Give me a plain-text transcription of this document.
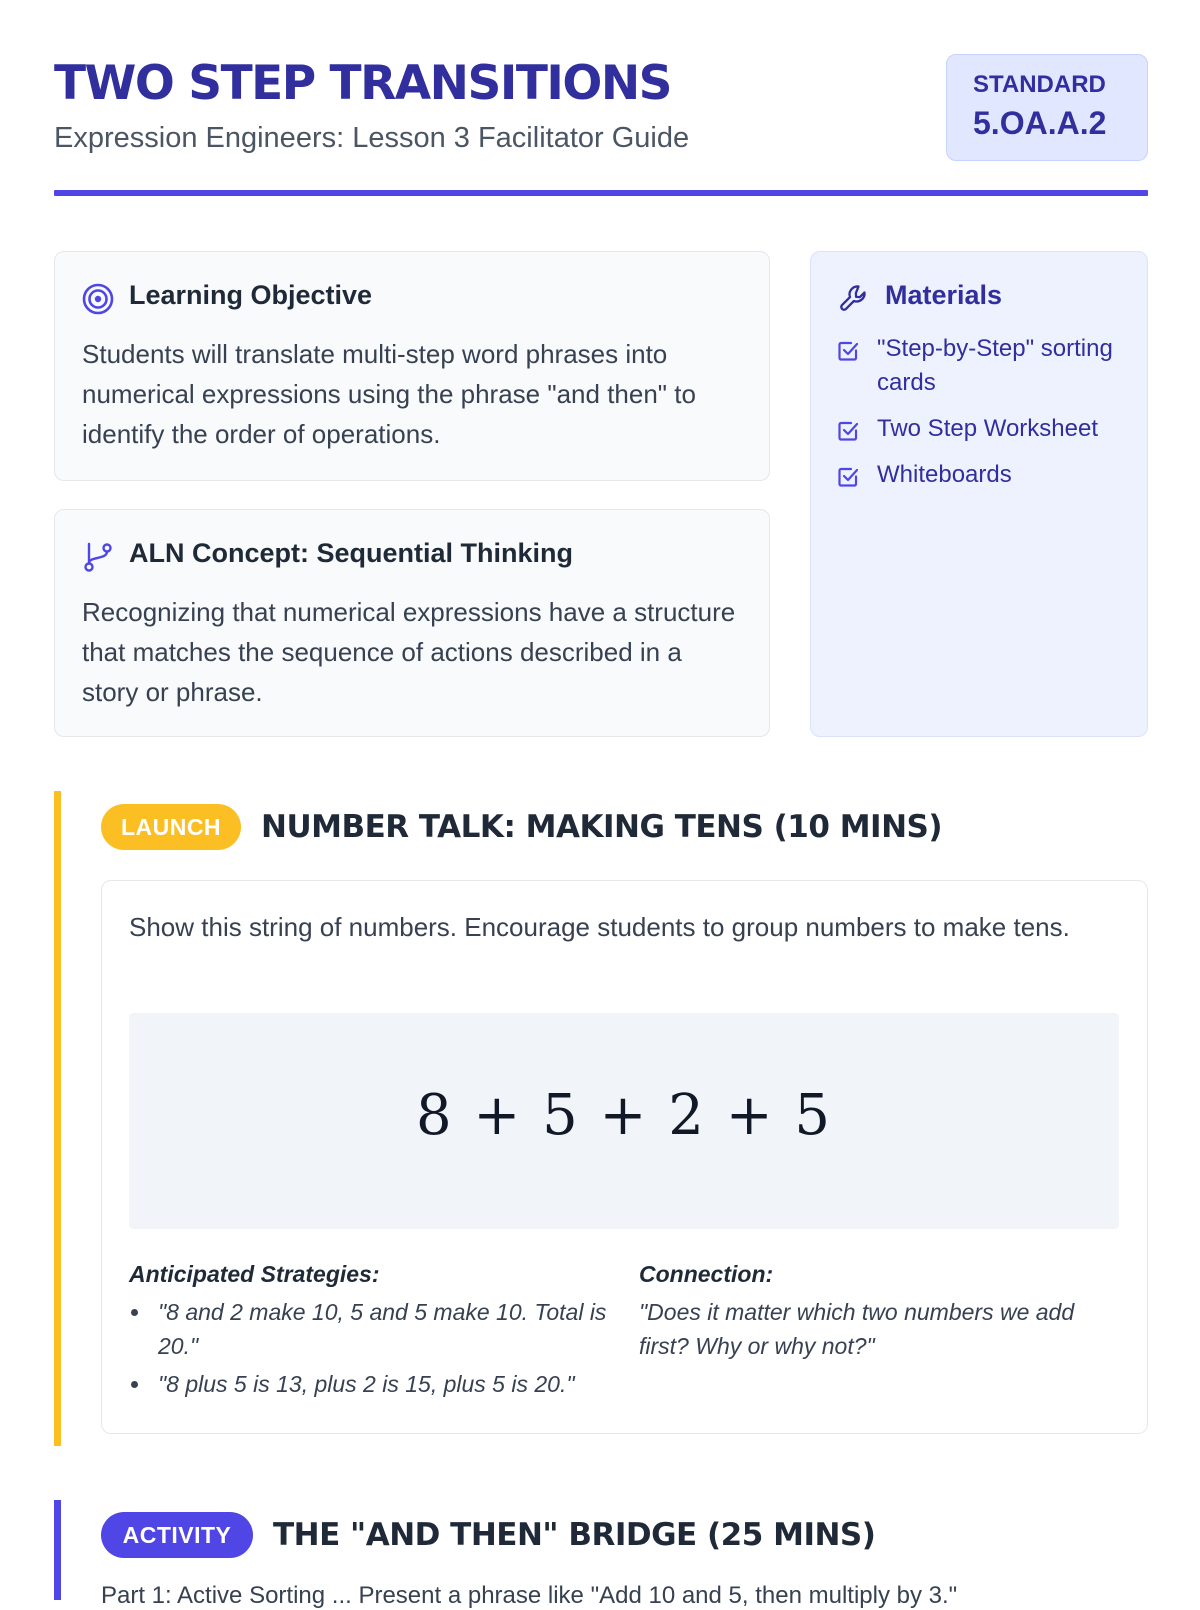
TWO STEP TRANSITIONS

Expression Engineers: Lesson 3 Facilitator Guide

STANDARD
5.OA.A.2
Learning Objective

Students will translate multi-step word phrases into numerical expressions using the phrase "and then" to identify the order of operations.

ALN Concept: Sequential Thinking

Recognizing that numerical expressions have a structure that matches the sequence of actions described in a story or phrase.

Materials
"Step-by-Step" sorting cards
Two Step Worksheet
Whiteboards
LAUNCH	NUMBER TALK: MAKING TENS (10 MINS)

Show this string of numbers. Encourage students to group numbers to make tens.

8 + 5 + 2 + 5
Anticipated Strategies:
"8 and 2 make 10, 5 and 5 make 10. Total is 20."
"8 plus 5 is 13, plus 2 is 15, plus 5 is 20."
Connection:

"Does it matter which two numbers we add first? Why or why not?"

ACTIVITY	THE "AND THEN" BRIDGE (25 MINS)
Part 1: Active Sorting ... Present a phrase like "Add 10 and 5, then multiply by 3."
